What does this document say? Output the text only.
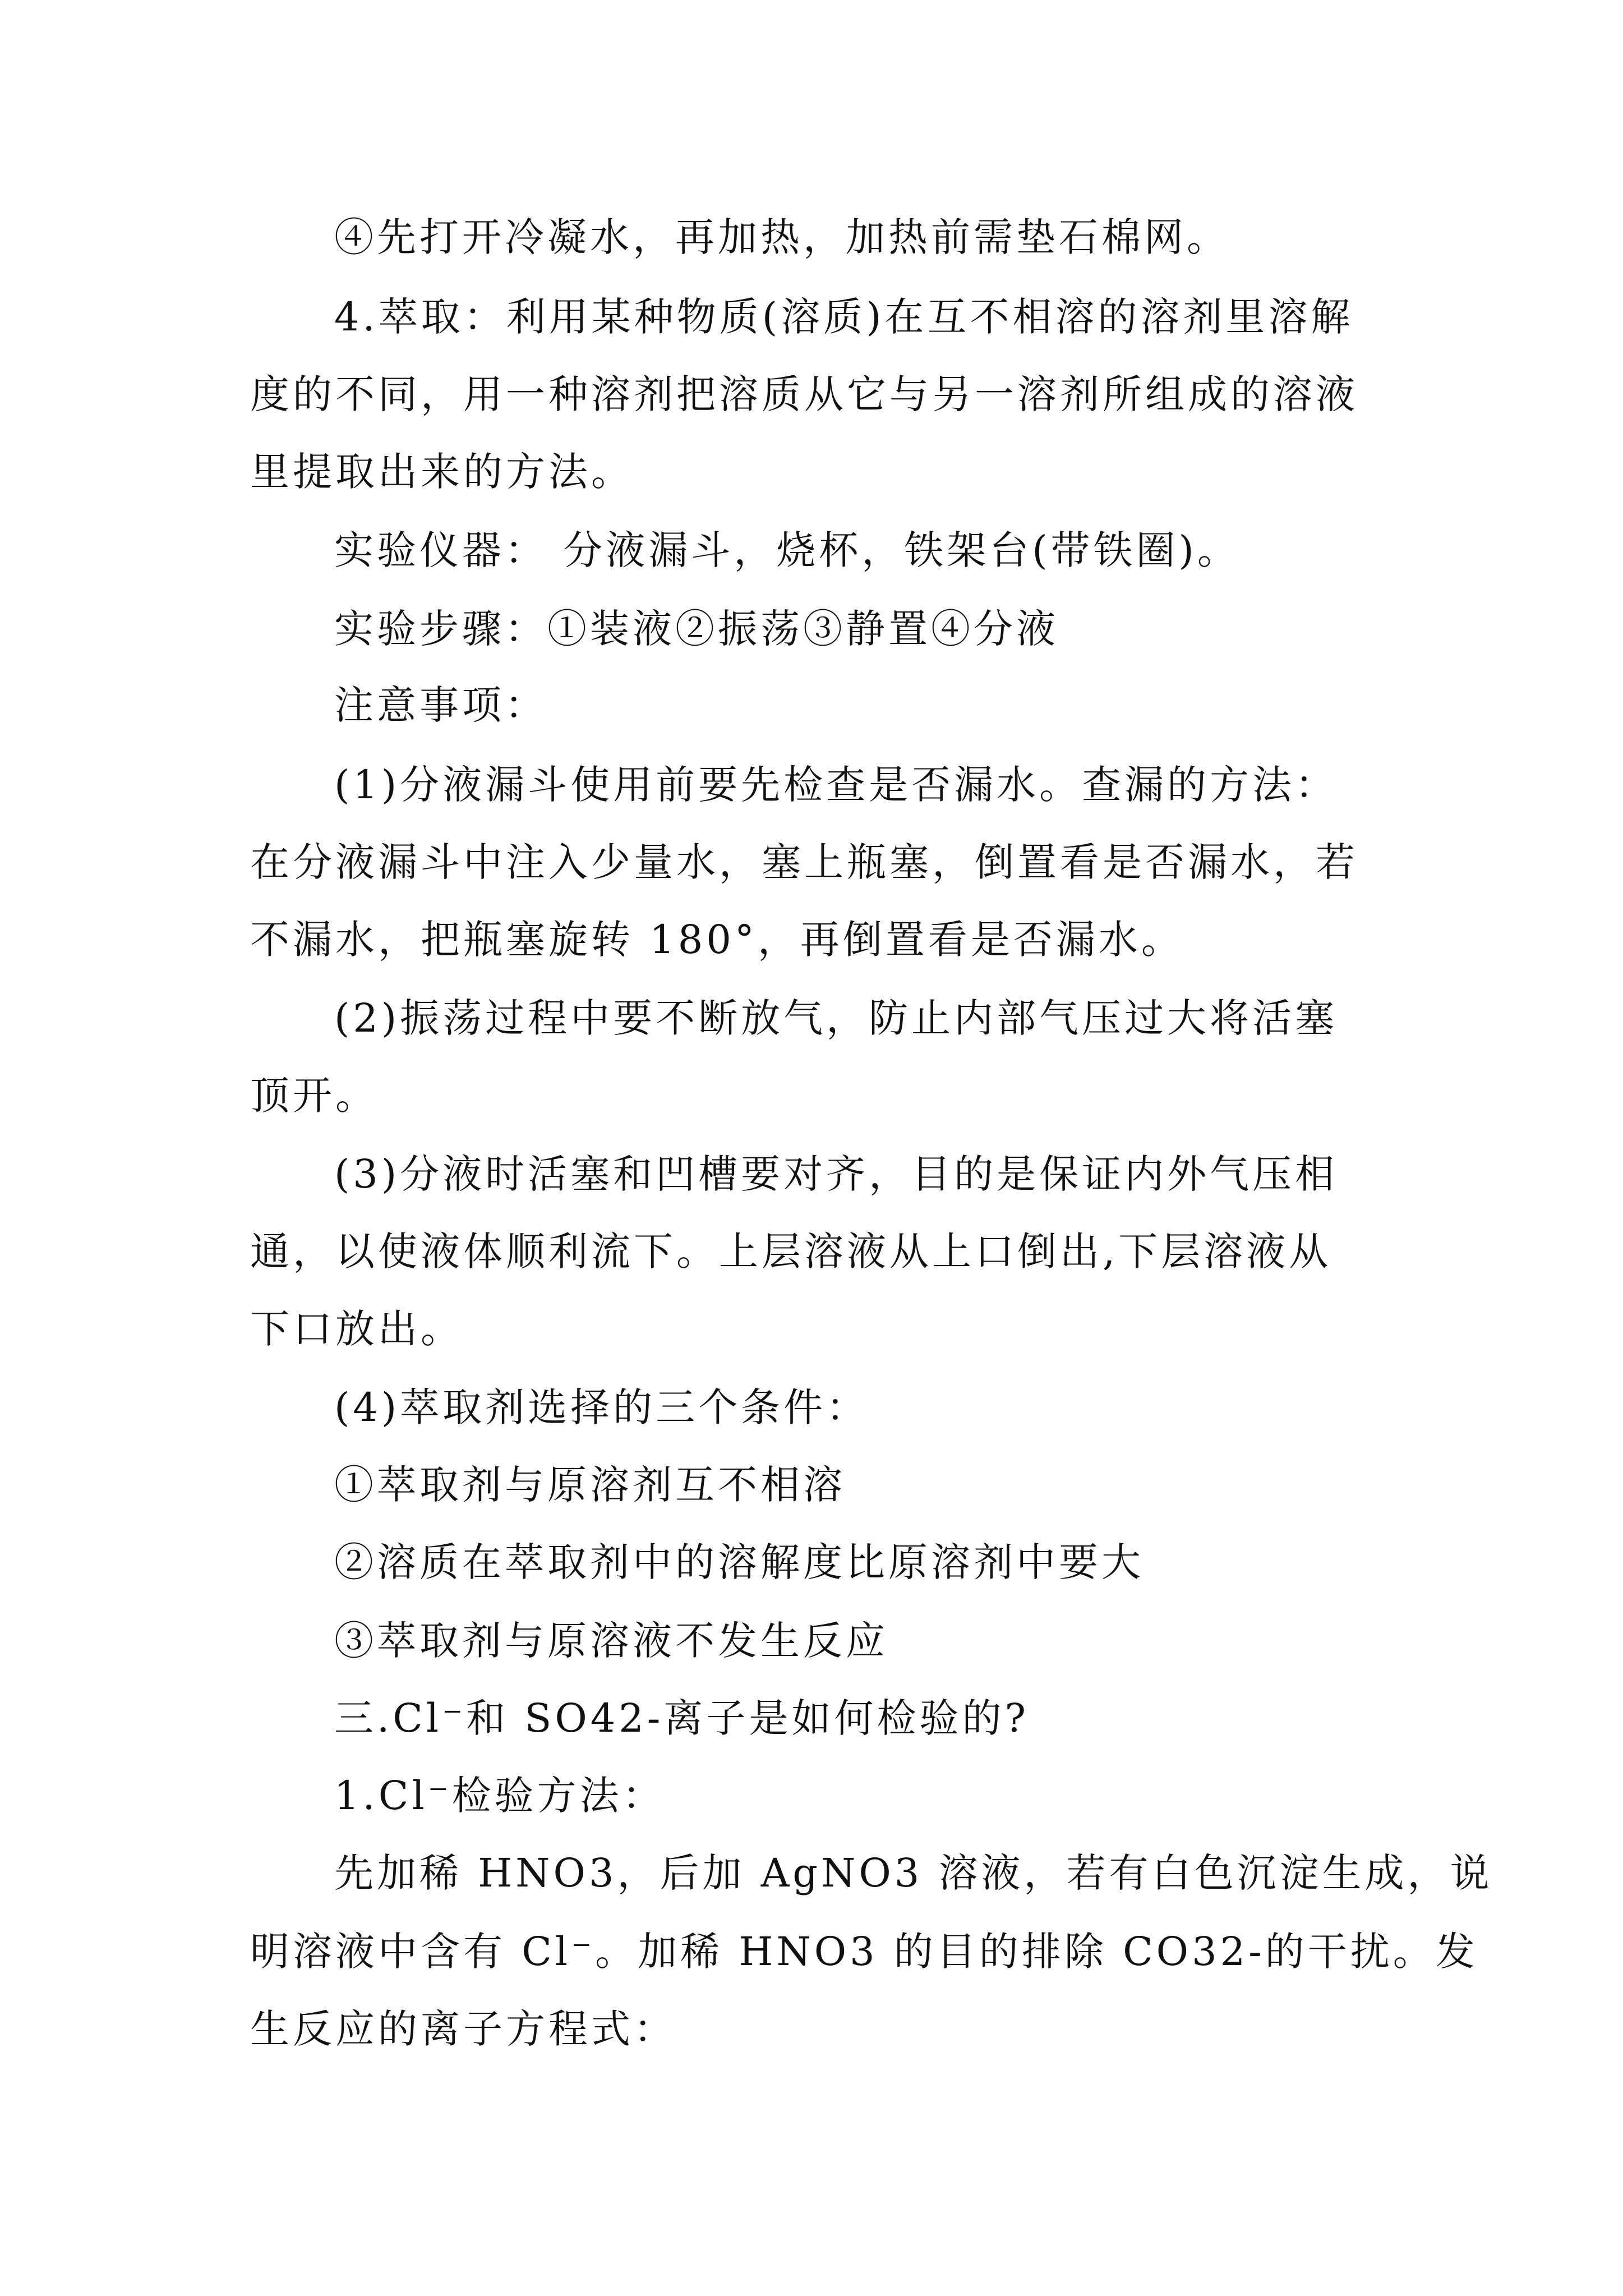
④先打开冷凝水，再加热，加热前需垫石棉网。
4.萃取：利用某种物质(溶质)在互不相溶的溶剂里溶解
度的不同，用一种溶剂把溶质从它与另一溶剂所组成的溶液
里提取出来的方法。
实验仪器： 分液漏斗，烧杯，铁架台(带铁圈)。
实验步骤：①装液②振荡③静置④分液
注意事项：
(1)分液漏斗使用前要先检查是否漏水。查漏的方法：
在分液漏斗中注入少量水，塞上瓶塞，倒置看是否漏水，若
不漏水，把瓶塞旋转 180°，再倒置看是否漏水。
(2)振荡过程中要不断放气，防止内部气压过大将活塞
顶开。
(3)分液时活塞和凹槽要对齐，目的是保证内外气压相
通，以使液体顺利流下。上层溶液从上口倒出,下层溶液从
下口放出。
(4)萃取剂选择的三个条件：
①萃取剂与原溶剂互不相溶
②溶质在萃取剂中的溶解度比原溶剂中要大
③萃取剂与原溶液不发生反应
三.Cl⁻和 SO42-离子是如何检验的?
1.Cl⁻检验方法：
先加稀 HNO3，后加 AgNO3 溶液，若有白色沉淀生成，说
明溶液中含有 Cl⁻。加稀 HNO3 的目的排除 CO32-的干扰。发
生反应的离子方程式：
